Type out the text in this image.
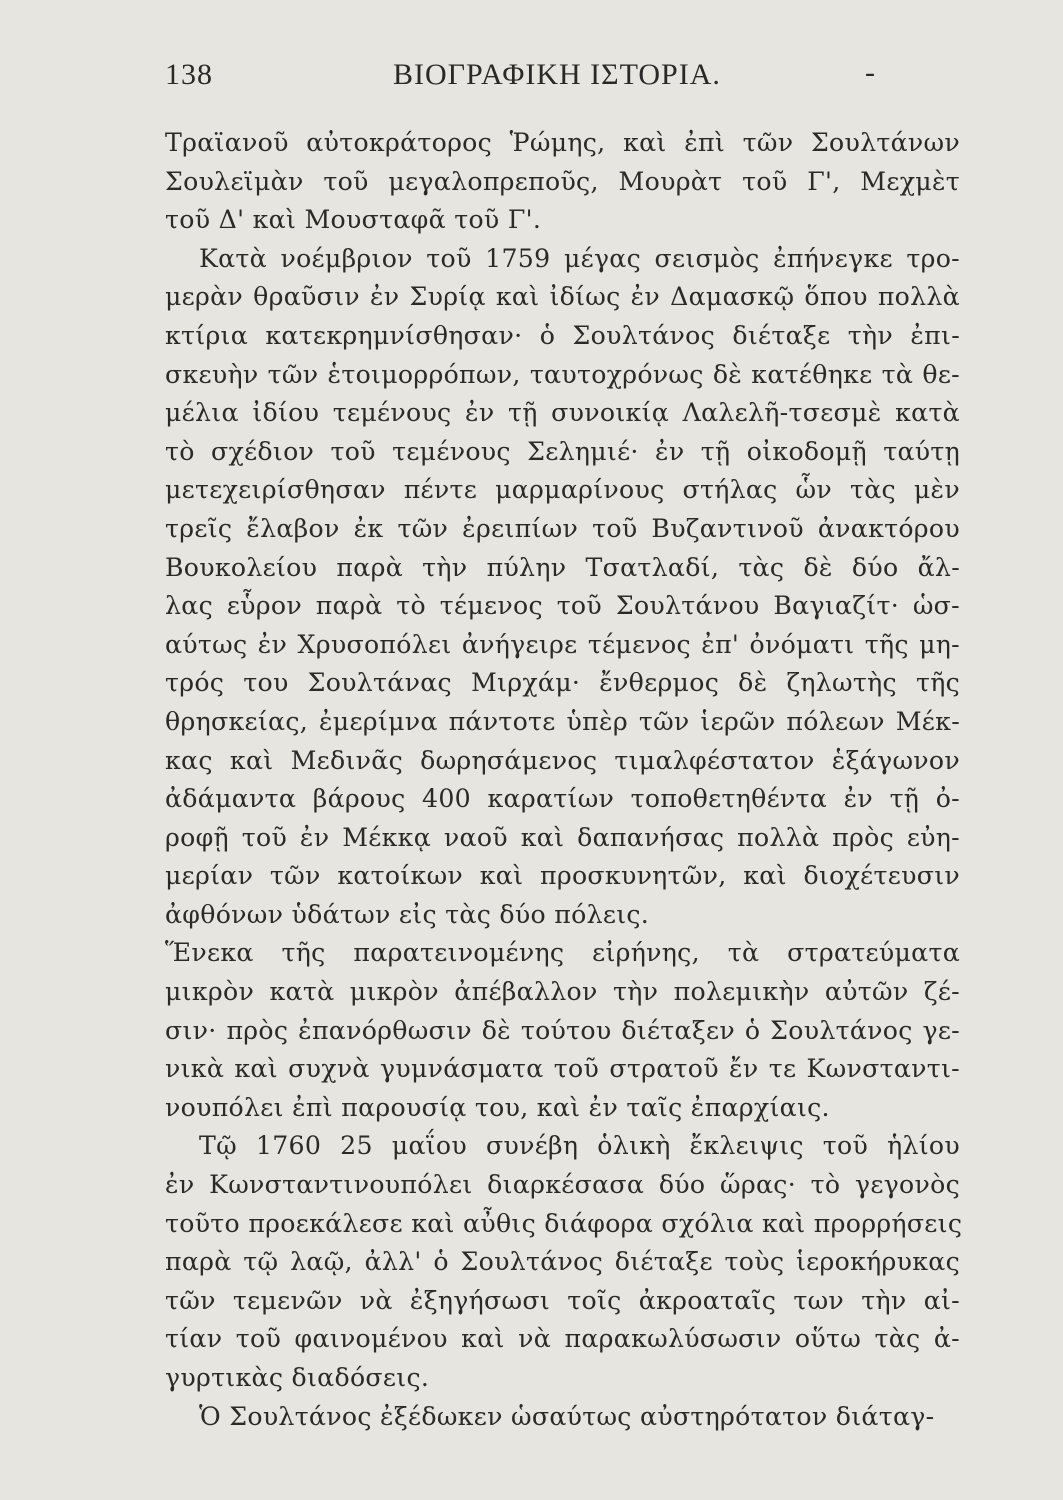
138	ΒΙΟΓΡΑΦΙΚΗ ΙΣΤΟΡΙΑ.	-
Τραϊανοῦ αὐτοκράτορος Ῥώμης, καὶ ἐπὶ τῶν Σουλτάνων
Σουλεϊμὰν τοῦ μεγαλοπρεποῦς, Μουρὰτ τοῦ Γ', Μεχμὲτ
τοῦ Δ' καὶ Μουσταφᾶ τοῦ Γ'.
Κατὰ νοέμβριον τοῦ 1759 μέγας σεισμὸς ἐπήνεγκε τρο-
μερὰν θραῦσιν ἐν Συρίᾳ καὶ ἰδίως ἐν Δαμασκῷ ὅπου πολλὰ
κτίρια κατεκρημνίσθησαν· ὁ Σουλτάνος διέταξε τὴν ἐπι-
σκευὴν τῶν ἑτοιμορρόπων, ταυτοχρόνως δὲ κατέθηκε τὰ θε-
μέλια ἰδίου τεμένους ἐν τῇ συνοικίᾳ Λαλελῆ-τσεσμὲ κατὰ
τὸ σχέδιον τοῦ τεμένους Σελημιέ· ἐν τῇ οἰκοδομῇ ταύτῃ
μετεχειρίσθησαν πέντε μαρμαρίνους στήλας ὧν τὰς μὲν
τρεῖς ἔλαβον ἐκ τῶν ἐρειπίων τοῦ Βυζαντινοῦ ἀνακτόρου
Βουκολείου παρὰ τὴν πύλην Τσατλαδί, τὰς δὲ δύο ἄλ-
λας εὗρον παρὰ τὸ τέμενος τοῦ Σουλτάνου Βαγιαζίτ· ὡσ-
αύτως ἐν Χρυσοπόλει ἀνήγειρε τέμενος ἐπ' ὀνόματι τῆς μη-
τρός του Σουλτάνας Μιρχάμ· ἔνθερμος δὲ ζηλωτὴς τῆς
θρησκείας, ἐμερίμνα πάντοτε ὑπὲρ τῶν ἱερῶν πόλεων Μέκ-
κας καὶ Μεδινᾶς δωρησάμενος τιμαλφέστατον ἑξάγωνον
ἀδάμαντα βάρους 400 καρατίων τοποθετηθέντα ἐν τῇ ὀ-
ροφῇ τοῦ ἐν Μέκκᾳ ναοῦ καὶ δαπανήσας πολλὰ πρὸς εὐη-
μερίαν τῶν κατοίκων καὶ προσκυνητῶν, καὶ διοχέτευσιν
ἀφθόνων ὑδάτων εἰς τὰς δύο πόλεις.
Ἕνεκα τῆς παρατεινομένης εἰρήνης, τὰ στρατεύματα
μικρὸν κατὰ μικρὸν ἀπέβαλλον τὴν πολεμικὴν αὐτῶν ζέ-
σιν· πρὸς ἐπανόρθωσιν δὲ τούτου διέταξεν ὁ Σουλτάνος γε-
νικὰ καὶ συχνὰ γυμνάσματα τοῦ στρατοῦ ἔν τε Κωνσταντι-
νουπόλει ἐπὶ παρουσίᾳ του, καὶ ἐν ταῖς ἐπαρχίαις.
Τῷ 1760 25 μαΐου συνέβη ὁλικὴ ἔκλειψις τοῦ ἡλίου
ἐν Κωνσταντινουπόλει διαρκέσασα δύο ὥρας· τὸ γεγονὸς
τοῦτο προεκάλεσε καὶ αὖθις διάφορα σχόλια καὶ προρρήσεις
παρὰ τῷ λαῷ, ἀλλ' ὁ Σουλτάνος διέταξε τοὺς ἱεροκήρυκας
τῶν τεμενῶν νὰ ἐξηγήσωσι τοῖς ἀκροαταῖς των τὴν αἰ-
τίαν τοῦ φαινομένου καὶ νὰ παρακωλύσωσιν οὕτω τὰς ἀ-
γυρτικὰς διαδόσεις.
Ὁ Σουλτάνος ἐξέδωκεν ὡσαύτως αὐστηρότατον διάταγ-
